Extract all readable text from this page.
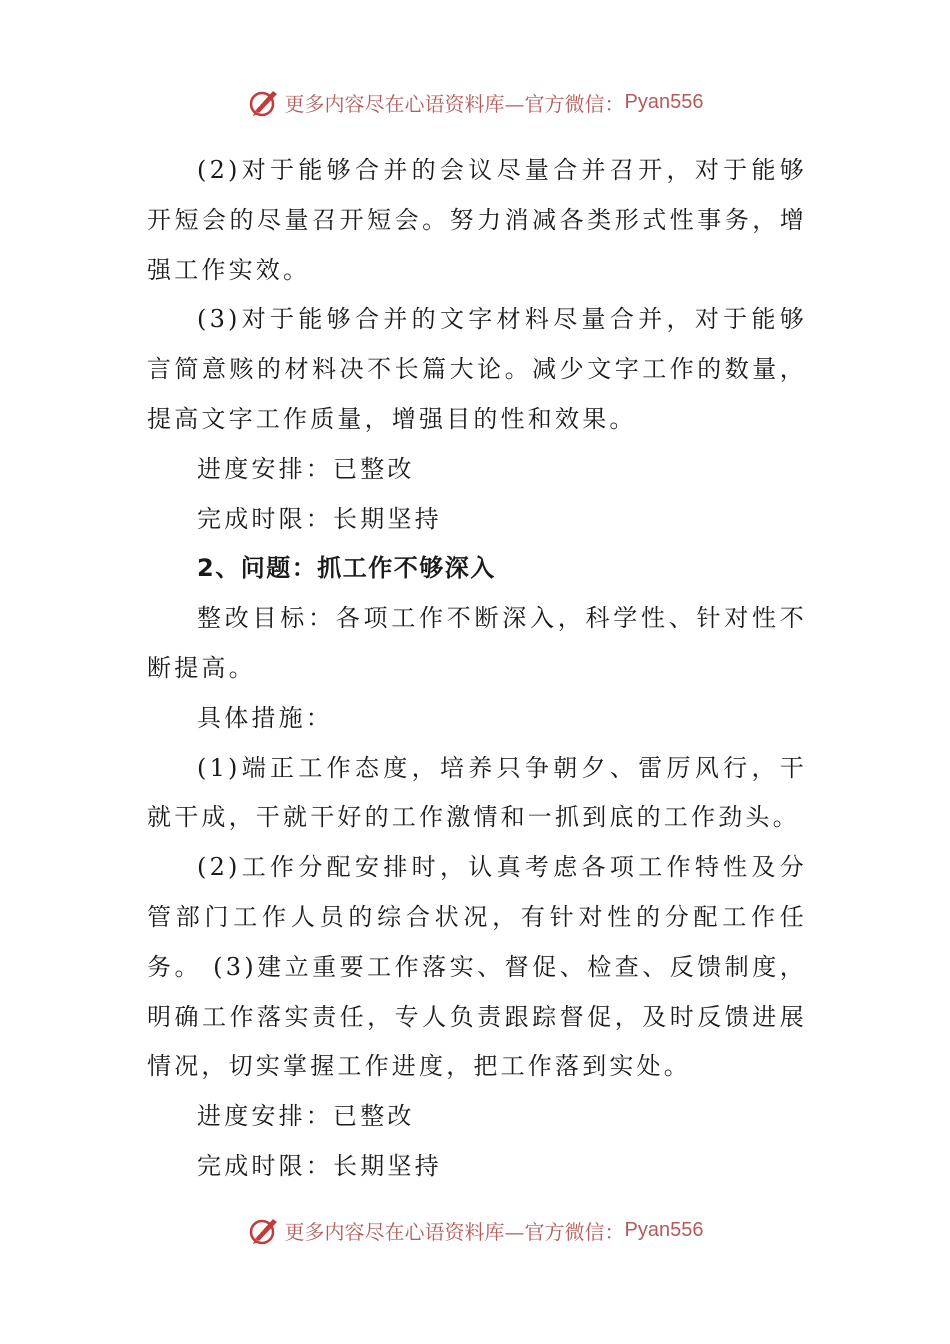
更多内容尽在心语资料库—官方微信： Pyan556

(2)对于能够合并的会议尽量合并召开，对于能够开短会的尽量召开短会。努力消减各类形式性事务，增强工作实效。

(3)对于能够合并的文字材料尽量合并，对于能够言简意赅的材料决不长篇大论。减少文字工作的数量，提高文字工作质量，增强目的性和效果。

进度安排：已整改

完成时限：长期坚持

2、问题：抓工作不够深入

整改目标：各项工作不断深入，科学性、针对性不断提高。

具体措施：

(1)端正工作态度，培养只争朝夕、雷厉风行，干就干成，干就干好的工作激情和一抓到底的工作劲头。

(2)工作分配安排时，认真考虑各项工作特性及分管部门工作人员的综合状况，有针对性的分配工作任务。 (3)建立重要工作落实、督促、检查、反馈制度，明确工作落实责任，专人负责跟踪督促，及时反馈进展情况，切实掌握工作进度，把工作落到实处。

进度安排：已整改

完成时限：长期坚持

更多内容尽在心语资料库—官方微信： Pyan556
